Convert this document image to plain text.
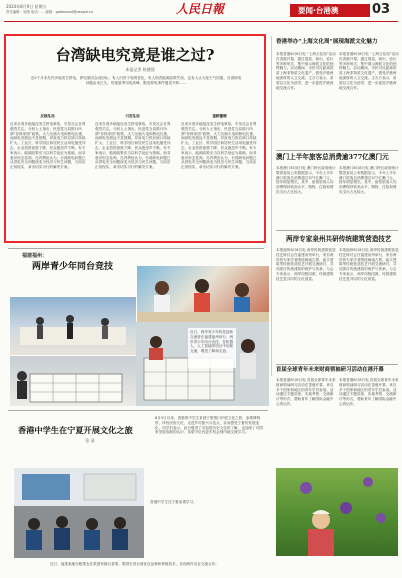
2024年8月9日 星期五
责任编辑：吴刚 电话：… 邮箱：gateboard@people.cn	人民日報	要闻·台港澳	03
台湾缺电究竟是谁之过?
本报记者 陈健强
近2个月来岛内多地发生停电，停电原因众说纷纭。有人归咎于电网老化，有人指责能源政策失误，也有人认为是天气因素。台湾缺电问题由来已久，每逢夏季用电高峰，限电停电事件屡见不鲜……
反核乱局	引发乱局	重蹈覆辙
近来台湾多地接连发生停电事故，引发社会各界强烈关注。分析人士指出，民进党当局推行所谓“非核家园”政策，大力压缩火电和核电比重，而绿电发展远不及预期，导致电力供应缺口持续扩大。工业区、科学园区和居民生活用电屡受冲击，企业投资意愿下降，民众抱怨声不断。有专家表示，能源政策应当以科学论证为基础，而非意识形态挂帅。岛内舆论认为，台湾缺电问题已从供电安全问题演变为经济与民生问题，当局应正视现实，拿出切实可行的解决方案。
近来台湾多地接连发生停电事故，引发社会各界强烈关注。分析人士指出，民进党当局推行所谓“非核家园”政策，大力压缩火电和核电比重，而绿电发展远不及预期，导致电力供应缺口持续扩大。工业区、科学园区和居民生活用电屡受冲击，企业投资意愿下降，民众抱怨声不断。有专家表示，能源政策应当以科学论证为基础，而非意识形态挂帅。岛内舆论认为，台湾缺电问题已从供电安全问题演变为经济与民生问题，当局应正视现实，拿出切实可行的解决方案。
近来台湾多地接连发生停电事故，引发社会各界强烈关注。分析人士指出，民进党当局推行所谓“非核家园”政策，大力压缩火电和核电比重，而绿电发展远不及预期，导致电力供应缺口持续扩大。工业区、科学园区和居民生活用电屡受冲击，企业投资意愿下降，民众抱怨声不断。有专家表示，能源政策应当以科学论证为基础，而非意识形态挂帅。岛内舆论认为，台湾缺电问题已从供电安全问题演变为经济与民生问题，当局应正视现实，拿出切实可行的解决方案。
香港举办“上海文化周”展现海派文化魅力
本报香港8月8日电 “上海文化周”活动在香港开幕，通过展览、演出、论坛等多种形式，集中展示海派文化的独特魅力。活动期间，市民可近距离欣赏上海非物质文化遗产，感受沪港两地深厚的人文交流。主办方表示，希望以文化为纽带，进一步促进沪港两地交流合作。
本报香港8月8日电 “上海文化周”活动在香港开幕，通过展览、演出、论坛等多种形式，集中展示海派文化的独特魅力。活动期间，市民可近距离欣赏上海非物质文化遗产，感受沪港两地深厚的人文交流。主办方表示，希望以文化为纽带，进一步促进沪港两地交流合作。
澳门上半年旅客总消费逾377亿澳门元
本报澳门8月8日电 澳门特区政府统计暨普查局公布数据显示，今年上半年澳门旅客总消费超过377亿澳门元，按年明显增长。其中，留宿旅客人均消费保持较高水平，购物、住宿和餐饮支出占比较大。
本报澳门8月8日电 澳门特区政府统计暨普查局公布数据显示，今年上半年澳门旅客总消费超过377亿澳门元，按年明显增长。其中，留宿旅客人均消费保持较高水平，购物、住宿和餐饮支出占比较大。
两岸专家泉州共研传统建筑营造技艺
本报福州8月8日电 两岸传统建筑营造技艺研讨会在福建泉州举行，来自两岸的专家学者围绕闽南古厝、庙宇建筑等传统营造技艺开展交流研讨，共同探讨传统建筑的保护与传承。与会专家表示，两岸同根同源，传统建筑技艺是共同的文化财富。
本报福州8月8日电 两岸传统建筑营造技艺研讨会在福建泉州举行，来自两岸的专家学者围绕闽南古厝、庙宇建筑等传统营造技艺开展交流研讨，共同探讨传统建筑的保护与传承。与会专家表示，两岸同根同源，传统建筑技艺是共同的文化财富。
首届全球青年未来财商领袖研习活动在港开幕
本报香港8月8日电 首届全球青年未来财商领袖研习活动在香港开幕，来自多个国家和地区的青年学员参加。活动通过专题讲座、实地考察、交流研讨等形式，帮助青年了解国际金融中心的运作。
本报香港8月8日电 首届全球青年未来财商领袖研习活动在香港开幕，来自多个国家和地区的青年学员参加。活动通过专题讲座、实地考察、交流研讨等形式，帮助青年了解国际金融中心的运作。
福建福州：
两岸青少年同台竞技
近日，两岸青少年科技创新交流营在福建福州举行，两岸青少年同台竞技，在机器人、人工智能等项目中切磋交流，增进了解和友谊。
香港中学生在宁夏开展文化之旅
张 清
8月5日以来，香港的中学生来到宁夏银川开展文化之旅，参观博物馆、体验民俗文化、走进乡村振兴示范点，亲身感受宁夏的发展变化。同学们表示，此行增进了对祖国历史文化的了解，也加深了对国家发展成就的认识，希望今后有更多机会到内地交流学习。
香港中学生在宁夏参观学习。
近日，福建某地台胞果农在果园采摘百香果。果园引进台湾优良品种和种植技术，实现两岸农业交流合作。
